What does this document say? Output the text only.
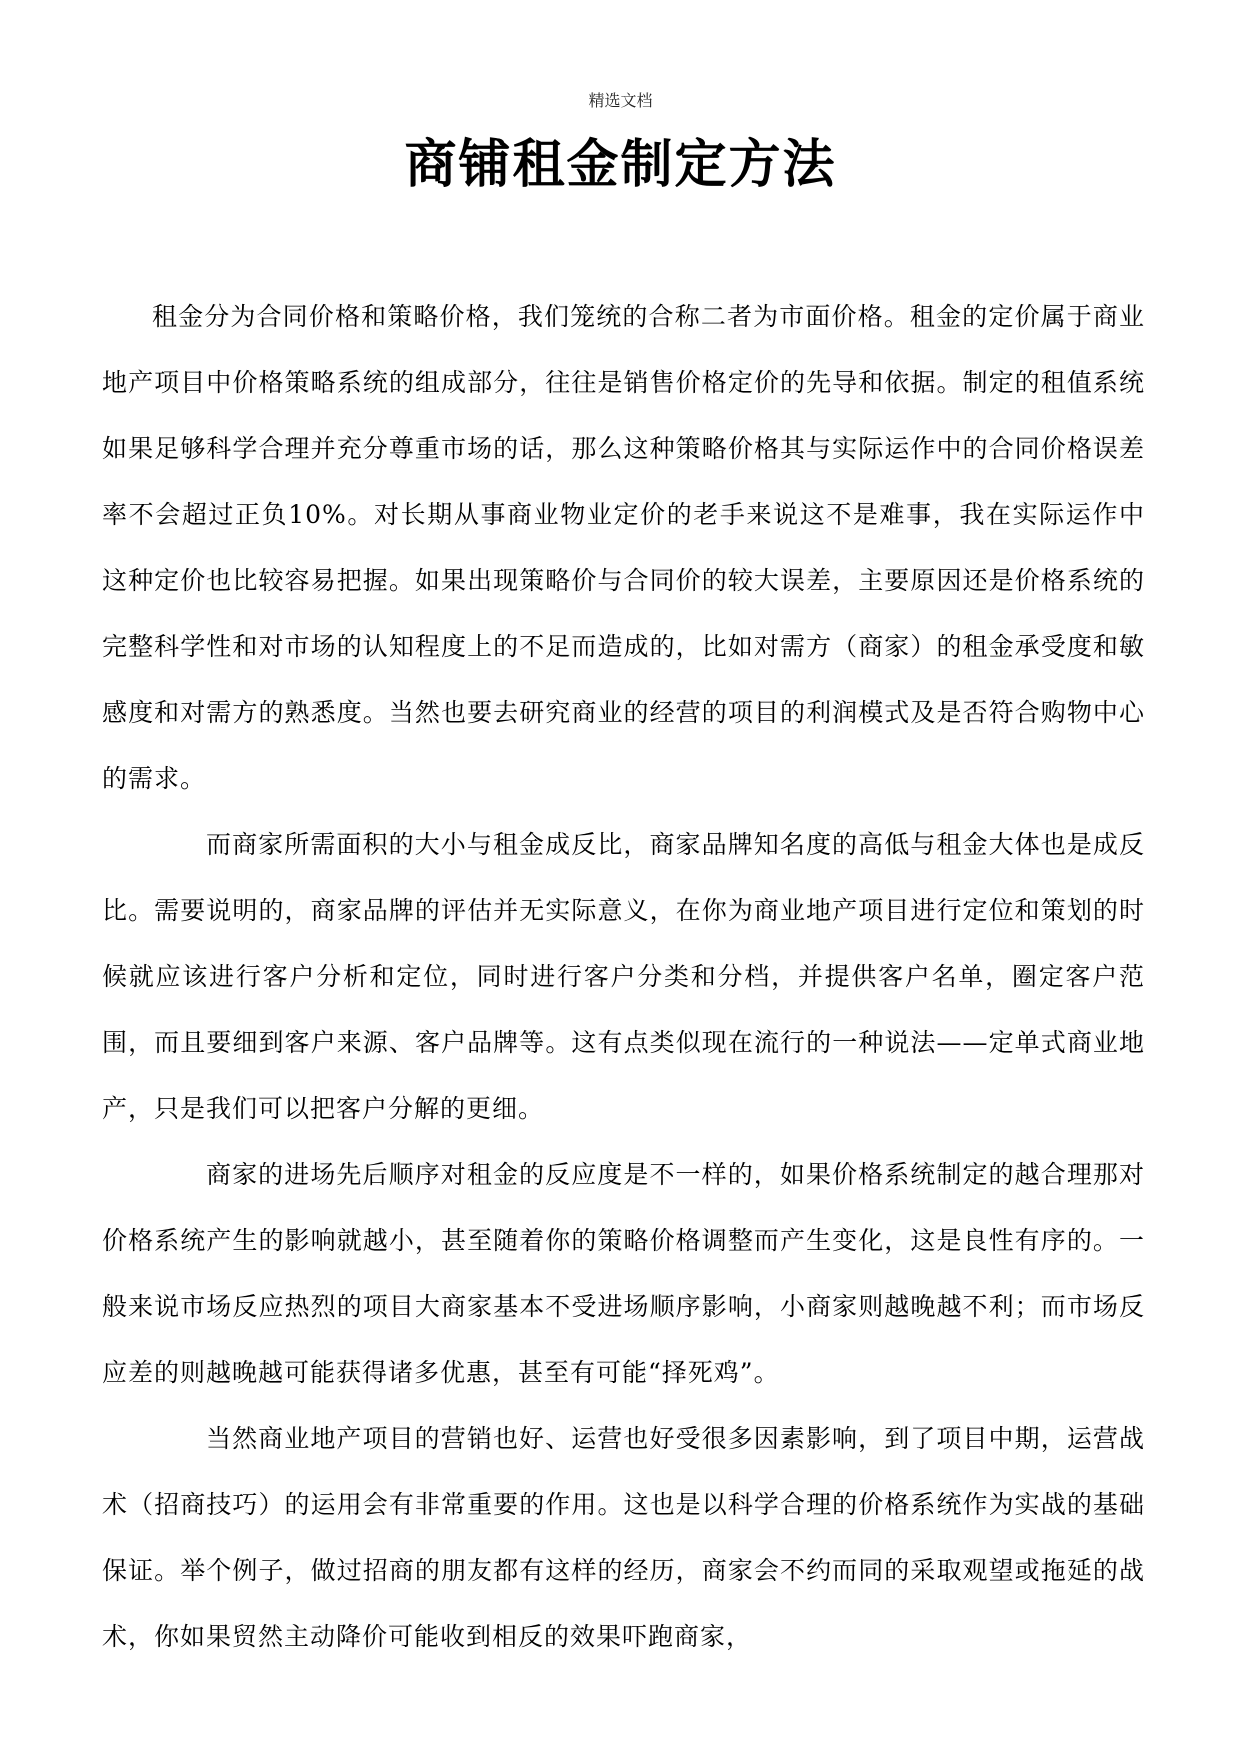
精选文档
商铺租金制定方法

租金分为合同价格和策略价格，我们笼统的合称二者为市面价格。租金的定价属于商业地产项目中价格策略系统的组成部分，往往是销售价格定价的先导和依据。制定的租值系统如果足够科学合理并充分尊重市场的话，那么这种策略价格其与实际运作中的合同价格误差率不会超过正负10%。对长期从事商业物业定价的老手来说这不是难事，我在实际运作中这种定价也比较容易把握。如果出现策略价与合同价的较大误差，主要原因还是价格系统的完整科学性和对市场的认知程度上的不足而造成的，比如对需方（商家）的租金承受度和敏感度和对需方的熟悉度。当然也要去研究商业的经营的项目的利润模式及是否符合购物中心的需求。

而商家所需面积的大小与租金成反比，商家品牌知名度的高低与租金大体也是成反比。需要说明的，商家品牌的评估并无实际意义，在你为商业地产项目进行定位和策划的时候就应该进行客户分析和定位，同时进行客户分类和分档，并提供客户名单，圈定客户范围，而且要细到客户来源、客户品牌等。这有点类似现在流行的一种说法——定单式商业地产，只是我们可以把客户分解的更细。

商家的进场先后顺序对租金的反应度是不一样的，如果价格系统制定的越合理那对价格系统产生的影响就越小，甚至随着你的策略价格调整而产生变化，这是良性有序的。一般来说市场反应热烈的项目大商家基本不受进场顺序影响，小商家则越晚越不利；而市场反应差的则越晚越可能获得诸多优惠，甚至有可能“择死鸡”。

当然商业地产项目的营销也好、运营也好受很多因素影响，到了项目中期，运营战术（招商技巧）的运用会有非常重要的作用。这也是以科学合理的价格系统作为实战的基础保证。举个例子，做过招商的朋友都有这样的经历，商家会不约而同的采取观望或拖延的战术，你如果贸然主动降价可能收到相反的效果吓跑商家，
